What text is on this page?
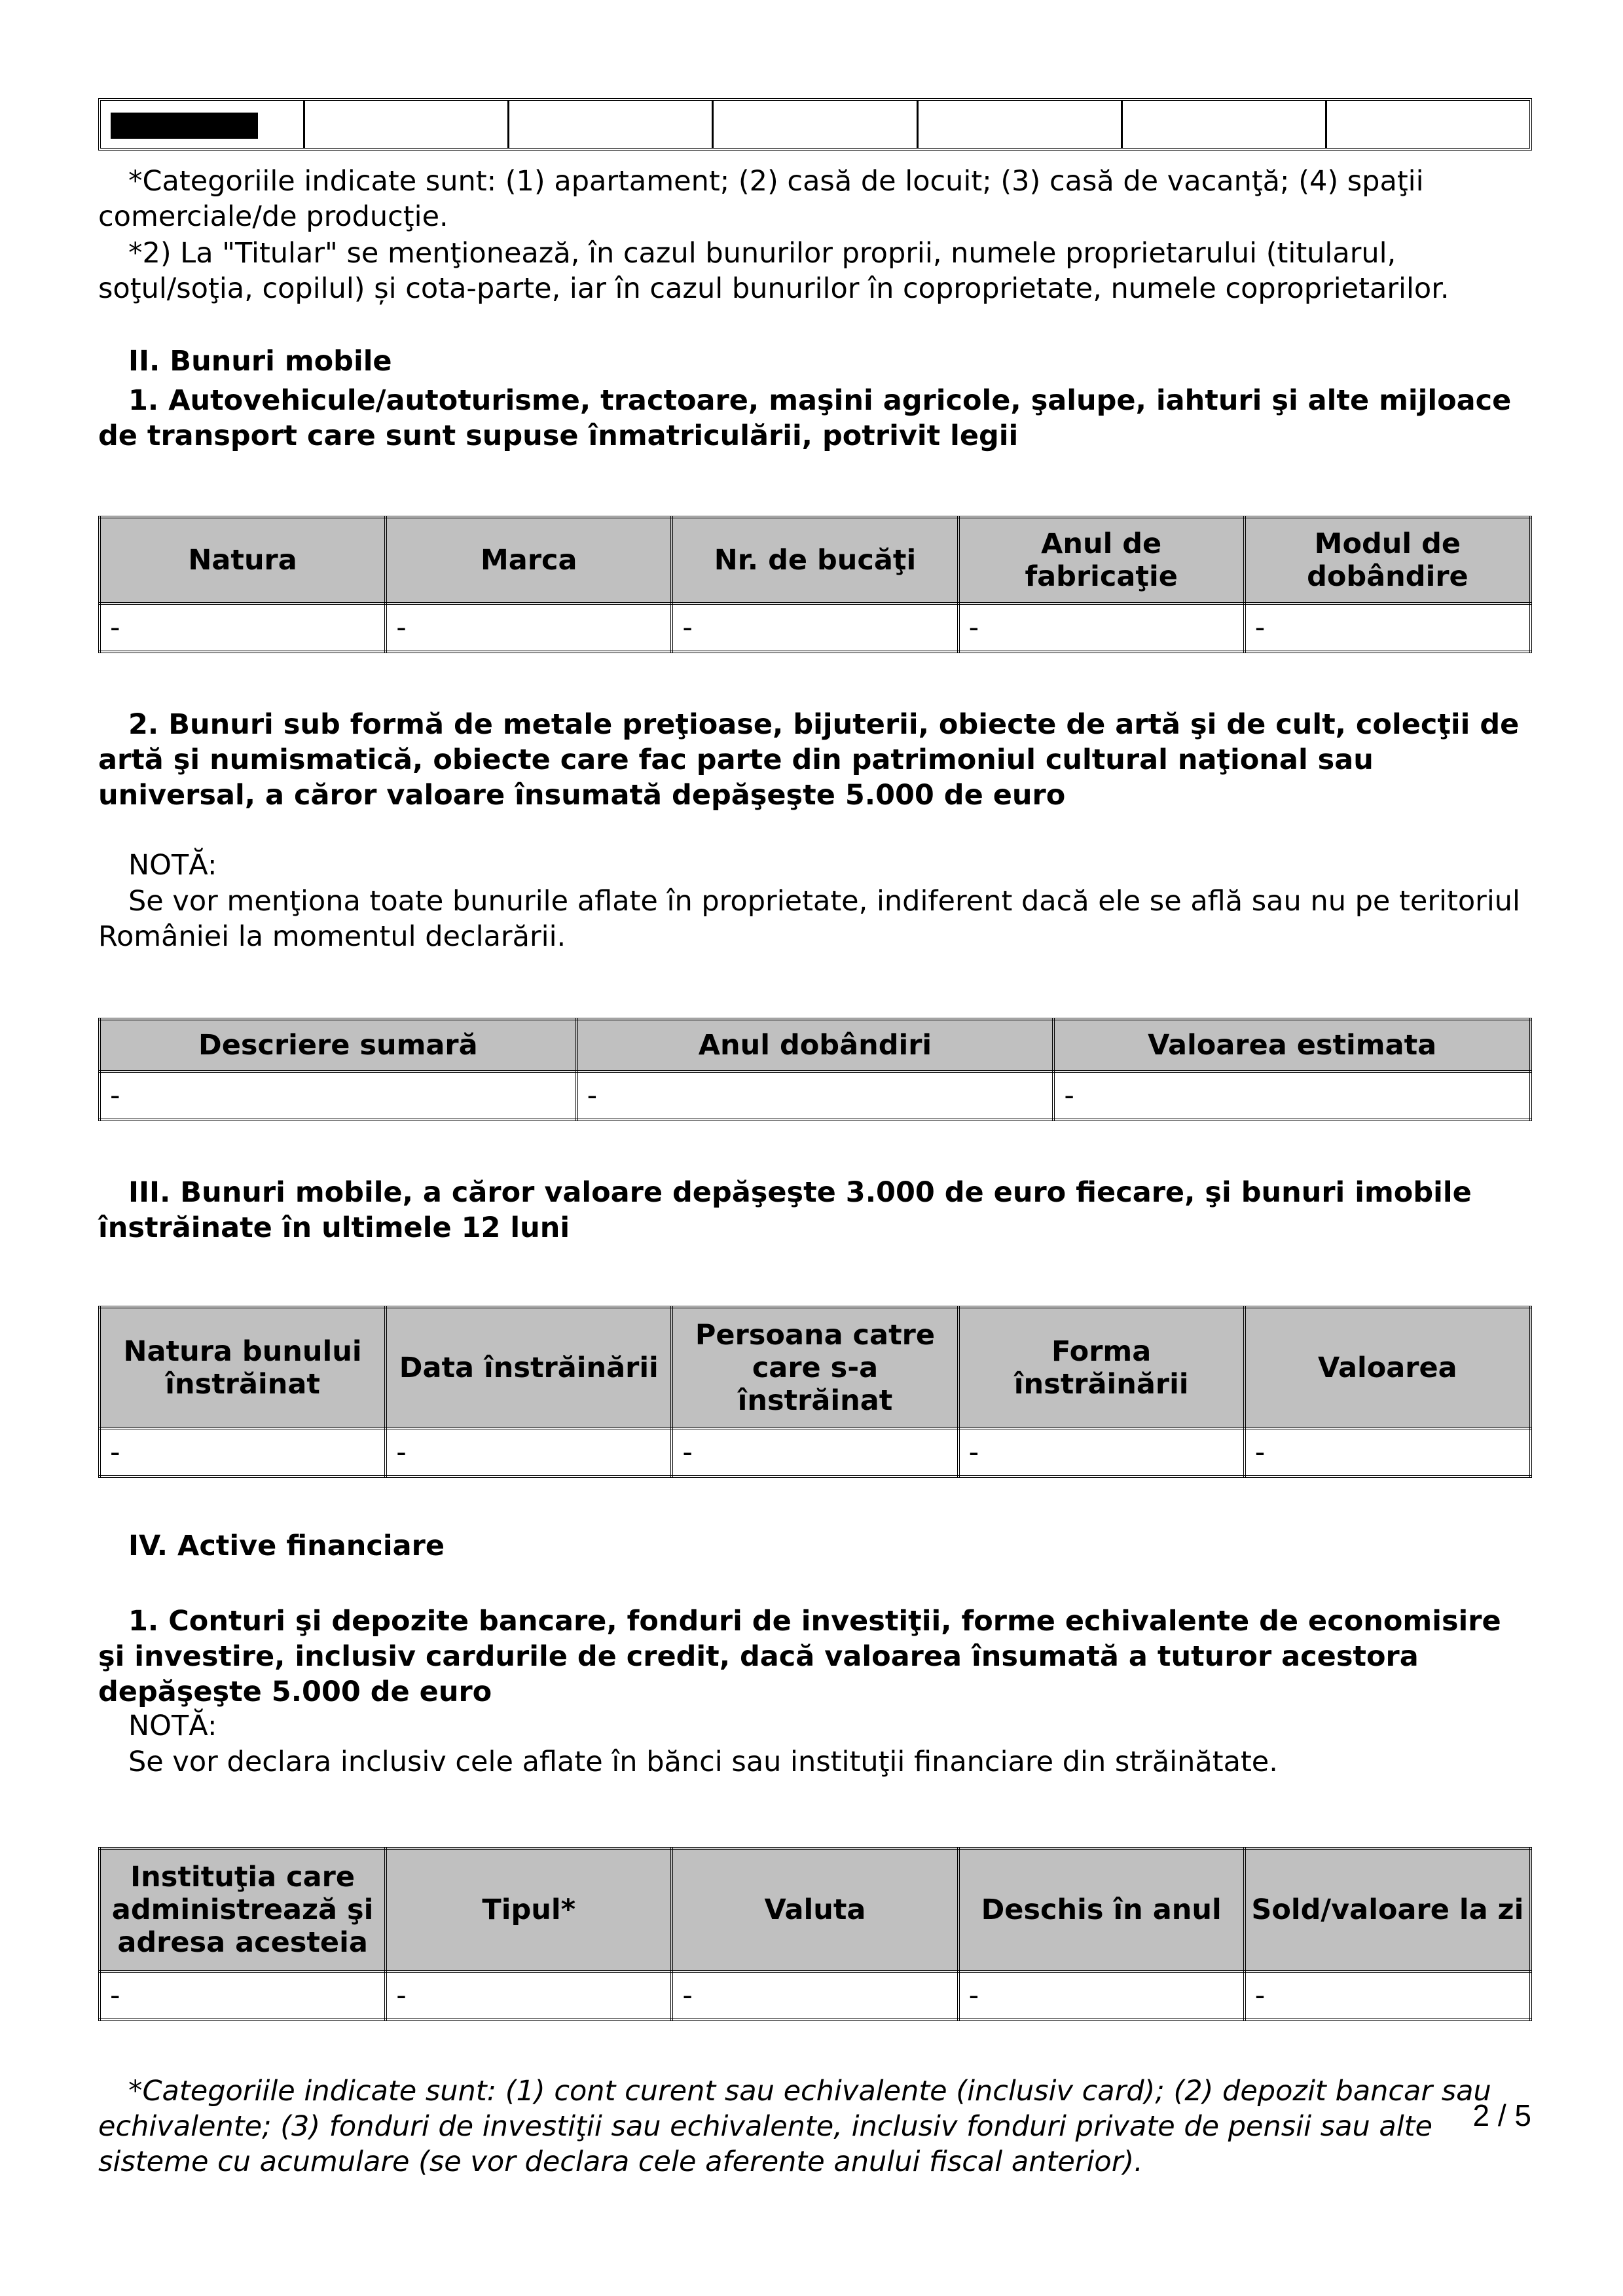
*Categoriile indicate sunt: (1) apartament; (2) casă de locuit; (3) casă de vacanţă; (4) spaţii comerciale/de producţie.
*2) La "Titular" se menţionează, în cazul bunurilor proprii, numele proprietarului (titularul, soţul/soţia, copilul) și cota-parte, iar în cazul bunurilor în coproprietate, numele coproprietarilor.
II. Bunuri mobile
1. Autovehicule/autoturisme, tractoare, maşini agricole, şalupe, iahturi şi alte mijloace de transport care sunt supuse înmatriculării, potrivit legii
Natura	Marca	Nr. de bucăţi	Anul de fabricaţie	Modul de dobândire
-	-	-	-	-
2. Bunuri sub formă de metale preţioase, bijuterii, obiecte de artă şi de cult, colecţii de artă şi numismatică, obiecte care fac parte din patrimoniul cultural naţional sau universal, a căror valoare însumată depăşeşte 5.000 de euro
NOTĂ:
Se vor menţiona toate bunurile aflate în proprietate, indiferent dacă ele se află sau nu pe teritoriul României la momentul declarării.
Descriere sumară	Anul dobândiri	Valoarea estimata
-	-	-
III. Bunuri mobile, a căror valoare depăşeşte 3.000 de euro fiecare, şi bunuri imobile înstrăinate în ultimele 12 luni
Natura bunului înstrăinat	Data înstrăinării	Persoana catre care s-a înstrăinat	Forma înstrăinării	Valoarea
-	-	-	-	-
IV. Active financiare
1. Conturi şi depozite bancare, fonduri de investiţii, forme echivalente de economisire şi investire, inclusiv cardurile de credit, dacă valoarea însumată a tuturor acestora depăşeşte 5.000 de euro
NOTĂ:
Se vor declara inclusiv cele aflate în bănci sau instituţii financiare din străinătate.
Instituţia care administrează şi adresa acesteia	Tipul*	Valuta	Deschis în anul	Sold/valoare la zi
-	-	-	-	-
*Categoriile indicate sunt: (1) cont curent sau echivalente (inclusiv card); (2) depozit bancar sau echivalente; (3) fonduri de investiţii sau echivalente, inclusiv fonduri private de pensii sau alte sisteme cu acumulare (se vor declara cele aferente anului fiscal anterior).
2 / 5
